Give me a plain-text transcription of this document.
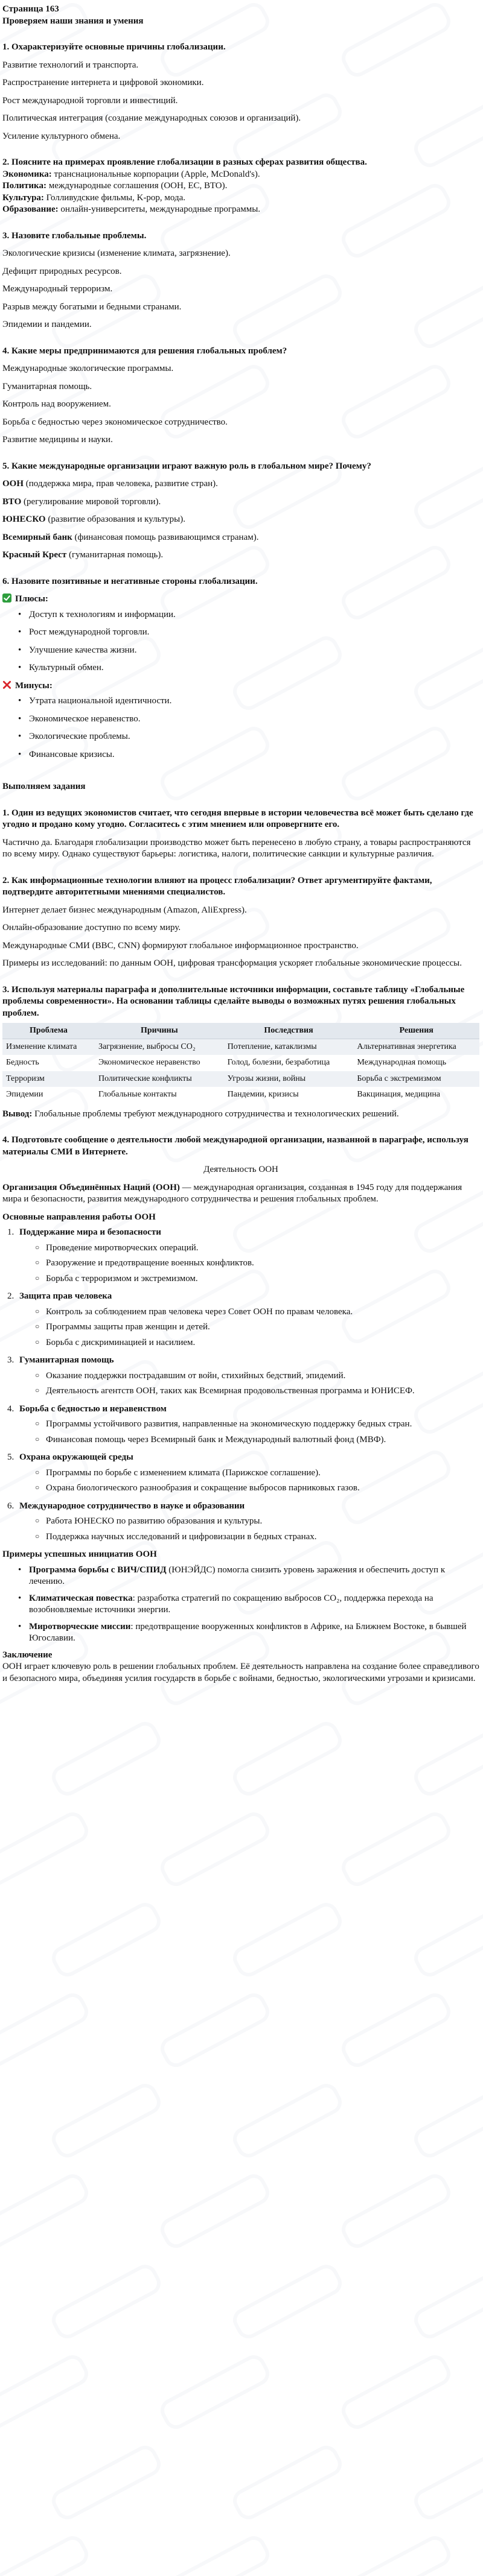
Страница 163

Проверяем наши знания и умения

1. Охарактеризуйте основные причины глобализации.

Развитие технологий и транспорта.

Распространение интернета и цифровой экономики.

Рост международной торговли и инвестиций.

Политическая интеграция (создание международных союзов и организаций).

Усиление культурного обмена.

2. Поясните на примерах проявление глобализации в разных сферах развития общества.

Экономика: транснациональные корпорации (Apple, McDonald's).

Политика: международные соглашения (ООН, ЕС, ВТО).

Культура: Голливудские фильмы, K-pop, мода.

Образование: онлайн-университеты, международные программы.

3. Назовите глобальные проблемы.

Экологические кризисы (изменение климата, загрязнение).

Дефицит природных ресурсов.

Международный терроризм.

Разрыв между богатыми и бедными странами.

Эпидемии и пандемии.

4. Какие меры предпринимаются для решения глобальных проблем?

Международные экологические программы.

Гуманитарная помощь.

Контроль над вооружением.

Борьба с бедностью через экономическое сотрудничество.

Развитие медицины и науки.

5. Какие международные организации играют важную роль в глобальном мире? Почему?

ООН (поддержка мира, прав человека, развитие стран).

ВТО (регулирование мировой торговли).

ЮНЕСКО (развитие образования и культуры).

Всемирный банк (финансовая помощь развивающимся странам).

Красный Крест (гуманитарная помощь).

6. Назовите позитивные и негативные стороны глобализации.

Плюсы:

• Доступ к технологиям и информации.
• Рост международной торговли.
• Улучшение качества жизни.
• Культурный обмен.

Минусы:

• Утрата национальной идентичности.
• Экономическое неравенство.
• Экологические проблемы.
• Финансовые кризисы.

Выполняем задания

1. Один из ведущих экономистов считает, что сегодня впервые в истории человечества всё может быть сделано где угодно и продано кому угодно. Согласитесь с этим мнением или опровергните его.

Частично да. Благодаря глобализации производство может быть перенесено в любую страну, а товары распространяются по всему миру. Однако существуют барьеры: логистика, налоги, политические санкции и культурные различия.

2. Как информационные технологии влияют на процесс глобализации? Ответ аргументируйте фактами, подтвердите авторитетными мнениями специалистов.

Интернет делает бизнес международным (Amazon, AliExpress).

Онлайн-образование доступно по всему миру.

Международные СМИ (BBC, CNN) формируют глобальное информационное пространство.

Примеры из исследований: по данным ООН, цифровая трансформация ускоряет глобальные экономические процессы.

3. Используя материалы параграфа и дополнительные источники информации, составьте таблицу «Глобальные проблемы современности». На основании таблицы сделайте выводы о возможных путях решения глобальных проблем.

Проблема	Причины	Последствия	Решения
Изменение климата	Загрязнение, выбросы CO₂	Потепление, катаклизмы	Альтернативная энергетика
Бедность	Экономическое неравенство	Голод, болезни, безработица	Международная помощь
Терроризм	Политические конфликты	Угрозы жизни, войны	Борьба с экстремизмом
Эпидемии	Глобальные контакты	Пандемии, кризисы	Вакцинация, медицина

Вывод: Глобальные проблемы требуют международного сотрудничества и технологических решений.

4. Подготовьте сообщение о деятельности любой международной организации, названной в параграфе, используя материалы СМИ в Интернете.

Деятельность ООН

Организация Объединённых Наций (ООН) — международная организация, созданная в 1945 году для поддержания мира и безопасности, развития международного сотрудничества и решения глобальных проблем.

Основные направления работы ООН

1. Поддержание мира и безопасности
○ Проведение миротворческих операций.
○ Разоружение и предотвращение военных конфликтов.
○ Борьба с терроризмом и экстремизмом.
2. Защита прав человека
○ Контроль за соблюдением прав человека через Совет ООН по правам человека.
○ Программы защиты прав женщин и детей.
○ Борьба с дискриминацией и насилием.
3. Гуманитарная помощь
○ Оказание поддержки пострадавшим от войн, стихийных бедствий, эпидемий.
○ Деятельность агентств ООН, таких как Всемирная продовольственная программа и ЮНИСЕФ.
4. Борьба с бедностью и неравенством
○ Программы устойчивого развития, направленные на экономическую поддержку бедных стран.
○ Финансовая помощь через Всемирный банк и Международный валютный фонд (МВФ).
5. Охрана окружающей среды
○ Программы по борьбе с изменением климата (Парижское соглашение).
○ Охрана биологического разнообразия и сокращение выбросов парниковых газов.
6. Международное сотрудничество в науке и образовании
○ Работа ЮНЕСКО по развитию образования и культуры.
○ Поддержка научных исследований и цифровизации в бедных странах.

Примеры успешных инициатив ООН

• Программа борьбы с ВИЧ/СПИД (ЮНЭЙДС) помогла снизить уровень заражения и обеспечить доступ к лечению.
• Климатическая повестка: разработка стратегий по сокращению выбросов CO₂, поддержка перехода на возобновляемые источники энергии.
• Миротворческие миссии: предотвращение вооруженных конфликтов в Африке, на Ближнем Востоке, в бывшей Югославии.

Заключение

ООН играет ключевую роль в решении глобальных проблем. Её деятельность направлена на создание более справедливого и безопасного мира, объединяя усилия государств в борьбе с войнами, бедностью, экологическими угрозами и кризисами.
